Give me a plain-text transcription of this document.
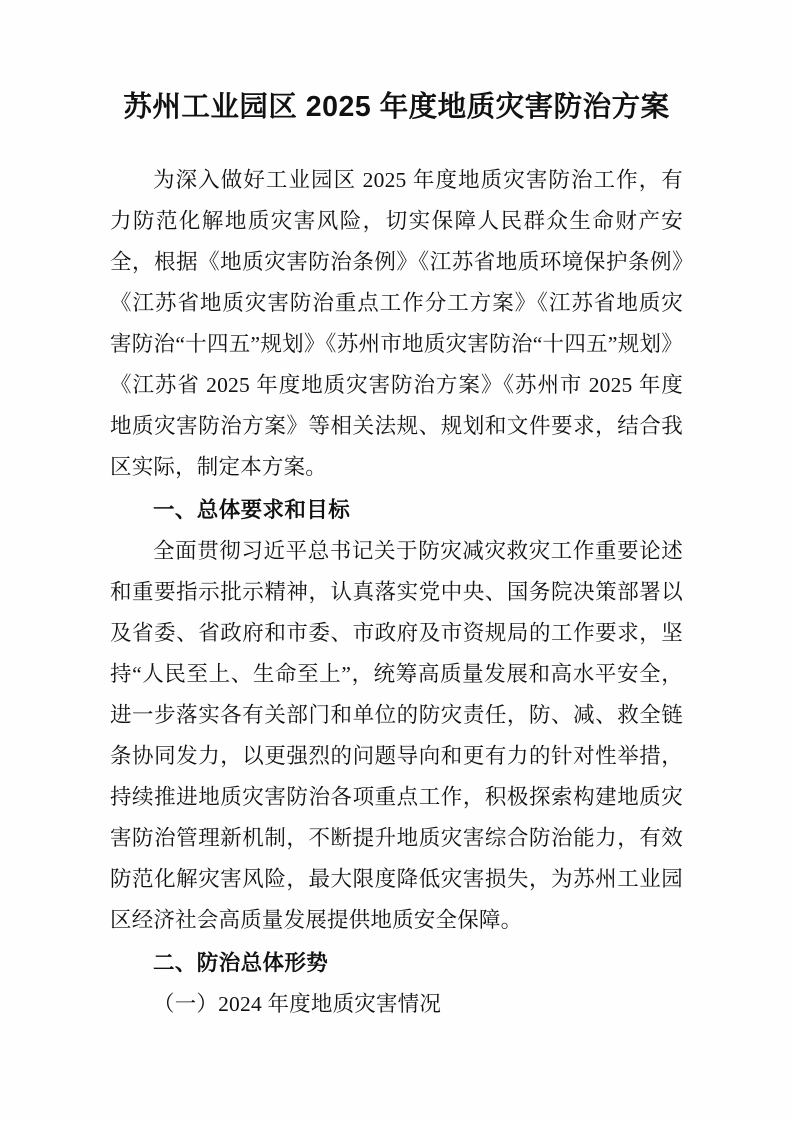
苏州工业园区 2025 年度地质灾害防治方案

为深入做好工业园区 2025 年度地质灾害防治工作，有力防范化解地质灾害风险，切实保障人民群众生命财产安全，根据《地质灾害防治条例》《江苏省地质环境保护条例》《江苏省地质灾害防治重点工作分工方案》《江苏省地质灾害防治“十四五”规划》《苏州市地质灾害防治“十四五”规划》《江苏省 2025 年度地质灾害防治方案》《苏州市 2025 年度地质灾害防治方案》等相关法规、规划和文件要求，结合我区实际，制定本方案。

一、总体要求和目标

全面贯彻习近平总书记关于防灾减灾救灾工作重要论述和重要指示批示精神，认真落实党中央、国务院决策部署以及省委、省政府和市委、市政府及市资规局的工作要求，坚持“人民至上、生命至上”，统筹高质量发展和高水平安全，进一步落实各有关部门和单位的防灾责任，防、减、救全链条协同发力，以更强烈的问题导向和更有力的针对性举措，持续推进地质灾害防治各项重点工作，积极探索构建地质灾害防治管理新机制，不断提升地质灾害综合防治能力，有效防范化解灾害风险，最大限度降低灾害损失，为苏州工业园区经济社会高质量发展提供地质安全保障。

二、防治总体形势
（一）2024 年度地质灾害情况
